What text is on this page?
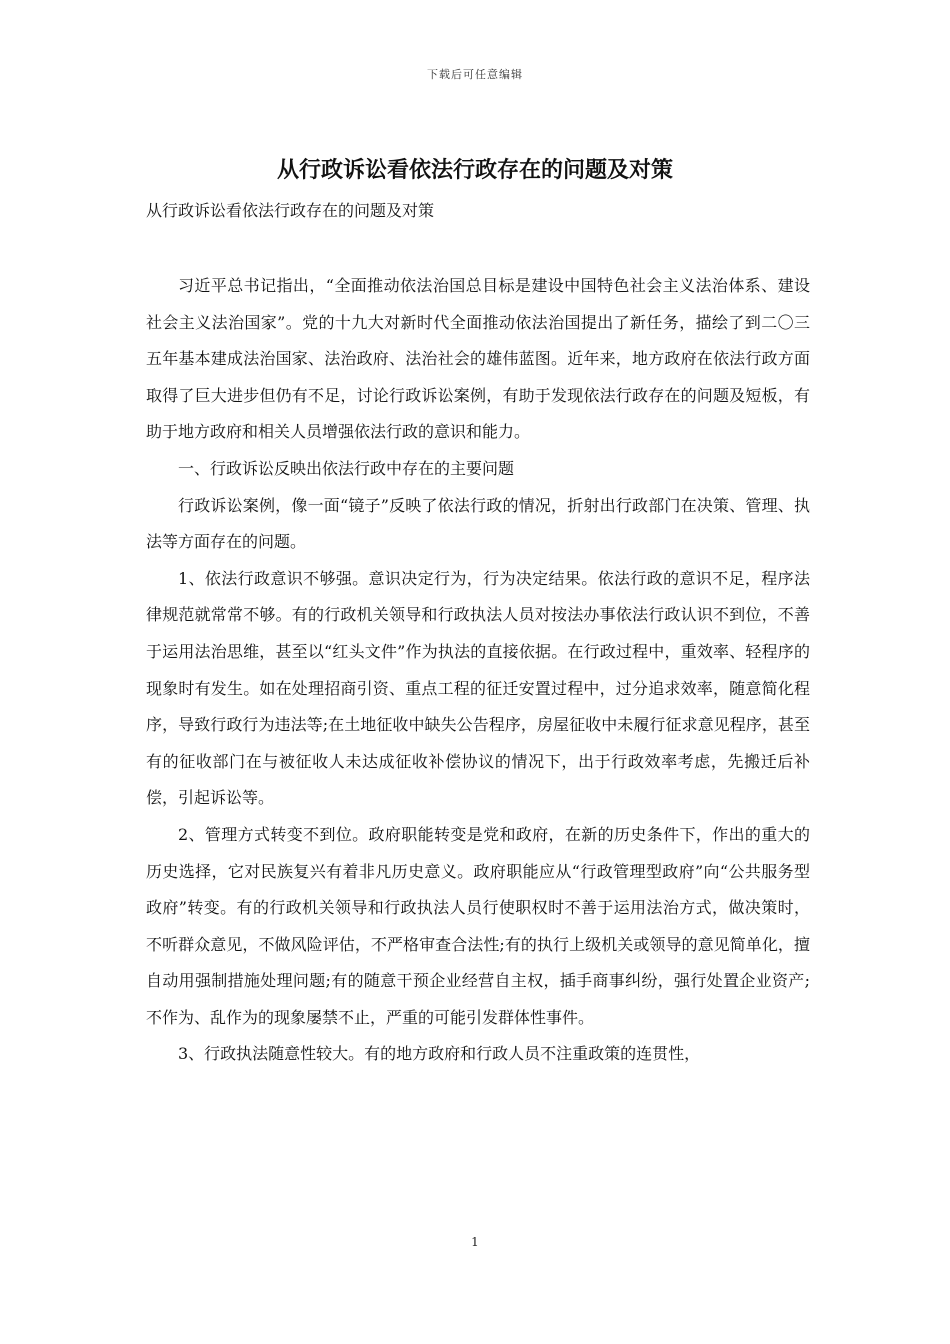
下载后可任意编辑
从行政诉讼看依法行政存在的问题及对策

从行政诉讼看依法行政存在的问题及对策

习近平总书记指出，“全面推动依法治国总目标是建设中国特色社会主义法治体系、建设社会主义法治国家”。党的十九大对新时代全面推动依法治国提出了新任务，描绘了到二〇三五年基本建成法治国家、法治政府、法治社会的雄伟蓝图。近年来，地方政府在依法行政方面取得了巨大进步但仍有不足，讨论行政诉讼案例，有助于发现依法行政存在的问题及短板，有助于地方政府和相关人员增强依法行政的意识和能力。

一、行政诉讼反映出依法行政中存在的主要问题

行政诉讼案例，像一面“镜子”反映了依法行政的情况，折射出行政部门在决策、管理、执法等方面存在的问题。

1、依法行政意识不够强。意识决定行为，行为决定结果。依法行政的意识不足，程序法律规范就常常不够。有的行政机关领导和行政执法人员对按法办事依法行政认识不到位，不善于运用法治思维，甚至以“红头文件”作为执法的直接依据。在行政过程中，重效率、轻程序的现象时有发生。如在处理招商引资、重点工程的征迁安置过程中，过分追求效率，随意简化程序，导致行政行为违法等;在土地征收中缺失公告程序，房屋征收中未履行征求意见程序，甚至有的征收部门在与被征收人未达成征收补偿协议的情况下，出于行政效率考虑，先搬迁后补偿，引起诉讼等。

2、管理方式转变不到位。政府职能转变是党和政府，在新的历史条件下，作出的重大的历史选择，它对民族复兴有着非凡历史意义。政府职能应从“行政管理型政府”向“公共服务型政府”转变。有的行政机关领导和行政执法人员行使职权时不善于运用法治方式，做决策时，不听群众意见，不做风险评估，不严格审查合法性;有的执行上级机关或领导的意见简单化，擅自动用强制措施处理问题;有的随意干预企业经营自主权，插手商事纠纷，强行处置企业资产;不作为、乱作为的现象屡禁不止，严重的可能引发群体性事件。

3、行政执法随意性较大。有的地方政府和行政人员不注重政策的连贯性，

1
